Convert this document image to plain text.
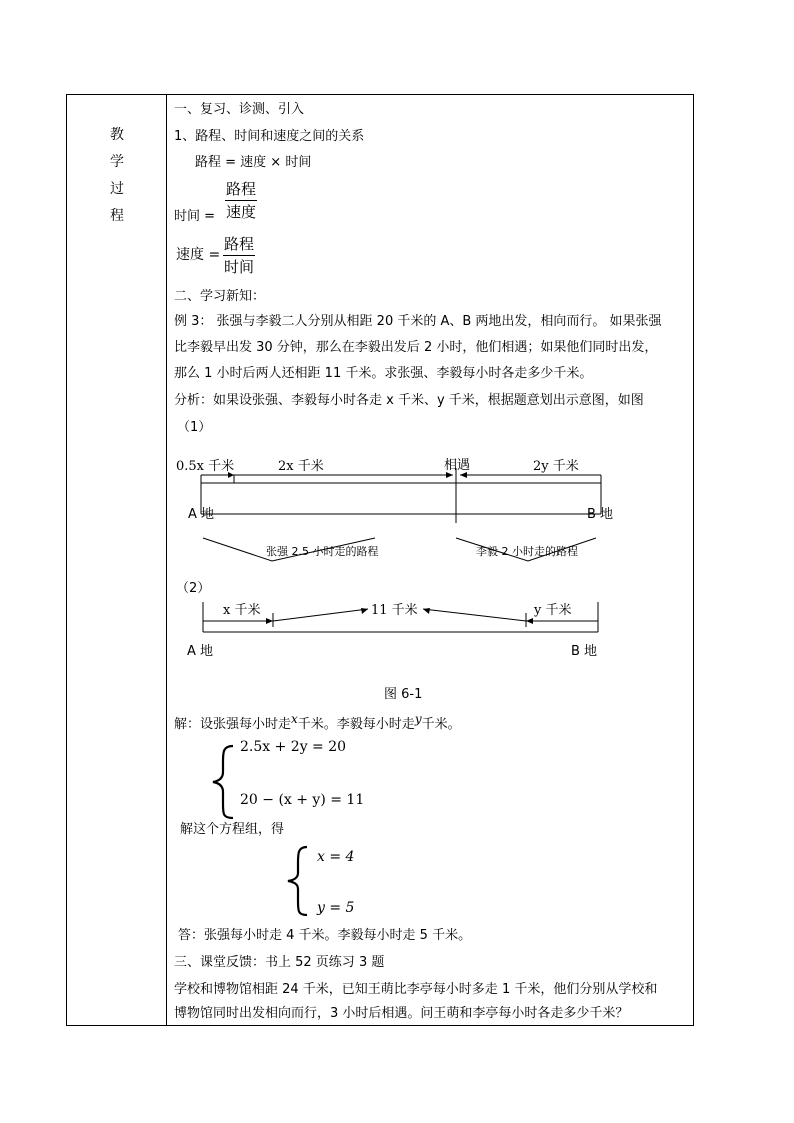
教
学
过
程
一、复习、诊测、引入
1、路程、时间和速度之间的关系
路程 = 速度 × 时间
时间 =
路程
速度
速度 =
路程
时间
二、学习新知：
例 3： 张强与李毅二人分别从相距 20 千米的 A、B 两地出发，相向而行。 如果张强
比李毅早出发 30 分钟，那么在李毅出发后 2 小时，他们相遇；如果他们同时出发，
那么 1 小时后两人还相距 11 千米。求张强、李毅每小时各走多少千米。
分析：如果设张强、李毅每小时各走 x 千米、y 千米，根据题意划出示意图，如图
（1）
0.5x 千米	2x 千米	相遇	2y 千米
A 地	B 地
张强 2.5 小时走的路程	李毅 2 小时走的路程
（2）
x 千米	11 千米	y 千米
A 地	B 地
图 6-1
解：设张强每小时走x千米。李毅每小时走y千米。
2.5x + 2y = 20
20 − (x + y) = 11
解这个方程组，得
x = 4
y = 5
答：张强每小时走 4 千米。李毅每小时走 5 千米。
三、课堂反馈：书上 52 页练习 3 题
学校和博物馆相距 24 千米，已知王萌比李亭每小时多走 1 千米，他们分别从学校和
博物馆同时出发相向而行，3 小时后相遇。问王萌和李亭每小时各走多少千米？
